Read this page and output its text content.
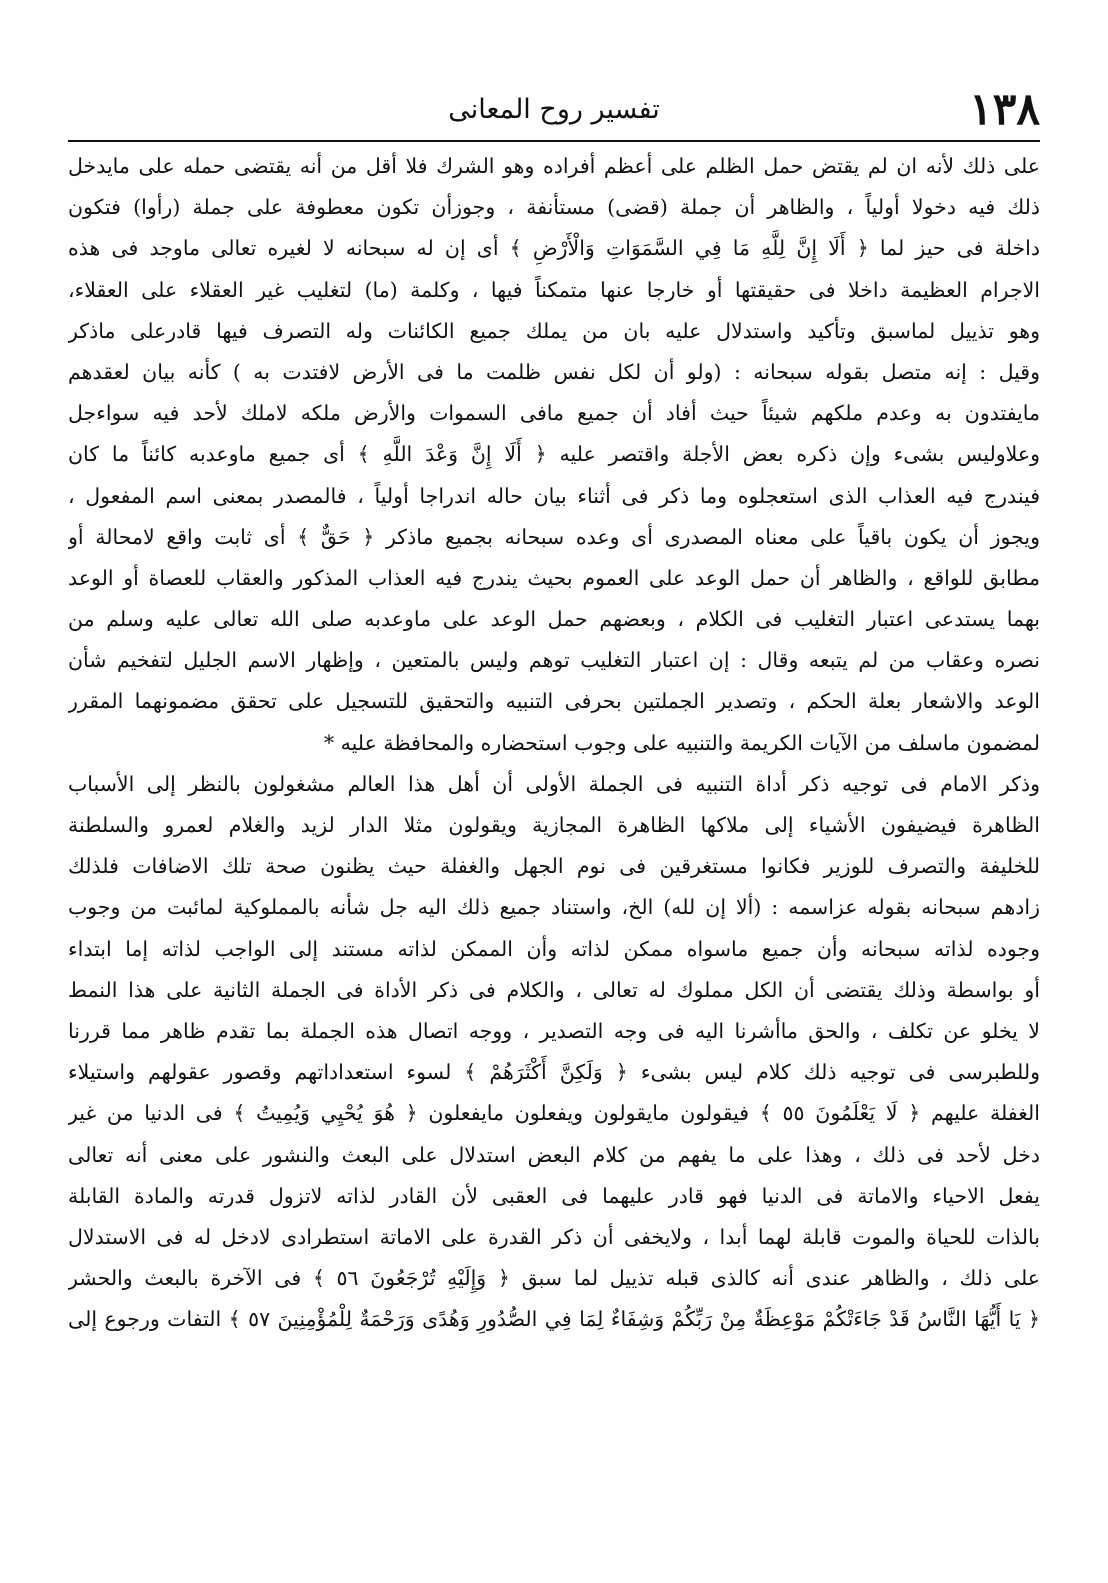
١٣٨
تفسير روح المعانى
على ذلك لأنه ان لم يقتض حمل الظلم على أعظم أفراده وهو الشرك فلا أقل من أنه يقتضى حمله على مايدخل
ذلك فيه دخولا أولياً ، والظاهر أن جملة (قضى) مستأنفة ، وجوزأن تكون معطوفة على جملة (رأوا) فتكون
داخلة فى حيز لما ﴿ أَلَا إِنَّ لِلَّهِ مَا فِي السَّمَوَاتِ وَالْأَرْضِ ﴾ أى إن له سبحانه لا لغيره تعالى ماوجد فى هذه
الاجرام العظيمة داخلا فى حقيقتها أو خارجا عنها متمكناً فيها ، وكلمة (ما) لتغليب غير العقلاء على العقلاء،
وهو تذييل لماسبق وتأكيد واستدلال عليه بان من يملك جميع الكائنات وله التصرف فيها قادرعلى ماذكر
وقيل : إنه متصل بقوله سبحانه : (ولو أن لكل نفس ظلمت ما فى الأرض لافتدت به ) كأنه بيان لعقدهم
مايفتدون به وعدم ملكهم شيئاً حيث أفاد أن جميع مافى السموات والأرض ملكه لاملك لأحد فيه سواءجل
وعلاوليس بشىء وإن ذكره بعض الأجلة واقتصر عليه ﴿ أَلَا إِنَّ وَعْدَ اللَّهِ ﴾ أى جميع ماوعدبه كائناً ما كان
فيندرج فيه العذاب الذى استعجلوه وما ذكر فى أثناء بيان حاله اندراجا أولياً ، فالمصدر بمعنى اسم المفعول ،
ويجوز أن يكون باقياً على معناه المصدرى أى وعده سبحانه بجميع ماذكر ﴿ حَقٌّ ﴾ أى ثابت واقع لامحالة أو
مطابق للواقع ، والظاهر أن حمل الوعد على العموم بحيث يندرج فيه العذاب المذكور والعقاب للعصاة أو الوعد
بهما يستدعى اعتبار التغليب فى الكلام ، وبعضهم حمل الوعد على ماوعدبه صلى الله تعالى عليه وسلم من
نصره وعقاب من لم يتبعه وقال : إن اعتبار التغليب توهم وليس بالمتعين ، وإظهار الاسم الجليل لتفخيم شأن
الوعد والاشعار بعلة الحكم ، وتصدير الجملتين بحرفى التنبيه والتحقيق للتسجيل على تحقق مضمونهما المقرر
لمضمون ماسلف من الآيات الكريمة والتنبيه على وجوب استحضاره والمحافظة عليه *
وذكر الامام فى توجيه ذكر أداة التنبيه فى الجملة الأولى أن أهل هذا العالم مشغولون بالنظر إلى الأسباب
الظاهرة فيضيفون الأشياء إلى ملاكها الظاهرة المجازية ويقولون مثلا الدار لزيد والغلام لعمرو والسلطنة
للخليفة والتصرف للوزير فكانوا مستغرقين فى نوم الجهل والغفلة حيث يظنون صحة تلك الاضافات فلذلك
زادهم سبحانه بقوله عزاسمه : (ألا إن لله) الخ، واستناد جميع ذلك اليه جل شأنه بالمملوكية لمائبت من وجوب
وجوده لذاته سبحانه وأن جميع ماسواه ممكن لذاته وأن الممكن لذاته مستند إلى الواجب لذاته إما ابتداء
أو بواسطة وذلك يقتضى أن الكل مملوك له تعالى ، والكلام فى ذكر الأداة فى الجملة الثانية على هذا النمط
لا يخلو عن تكلف ، والحق ماأشرنا اليه فى وجه التصدير ، ووجه اتصال هذه الجملة بما تقدم ظاهر مما قررنا
وللطبرسى فى توجيه ذلك كلام ليس بشىء ﴿ وَلَكِنَّ أَكْثَرَهُمْ ﴾ لسوء استعداداتهم وقصور عقولهم واستيلاء
الغفلة عليهم ﴿ لَا يَعْلَمُونَ ٥٥ ﴾ فيقولون مايقولون ويفعلون مايفعلون ﴿ هُوَ يُحْيِي وَيُمِيتُ ﴾ فى الدنيا من غير
دخل لأحد فى ذلك ، وهذا على ما يفهم من كلام البعض استدلال على البعث والنشور على معنى أنه تعالى
يفعل الاحياء والاماتة فى الدنيا فهو قادر عليهما فى العقبى لأن القادر لذاته لاتزول قدرته والمادة القابلة
بالذات للحياة والموت قابلة لهما أبدا ، ولايخفى أن ذكر القدرة على الاماتة استطرادى لادخل له فى الاستدلال
على ذلك ، والظاهر عندى أنه كالذى قبله تذييل لما سبق ﴿ وَإِلَيْهِ تُرْجَعُونَ ٥٦ ﴾ فى الآخرة بالبعث والحشر
﴿ يَا أَيُّهَا النَّاسُ قَدْ جَاءَتْكُمْ مَوْعِظَةٌ مِنْ رَبِّكُمْ وَشِفَاءٌ لِمَا فِي الصُّدُورِ وَهُدًى وَرَحْمَةٌ لِلْمُؤْمِنِينَ ٥٧ ﴾ التفات ورجوع إلى
